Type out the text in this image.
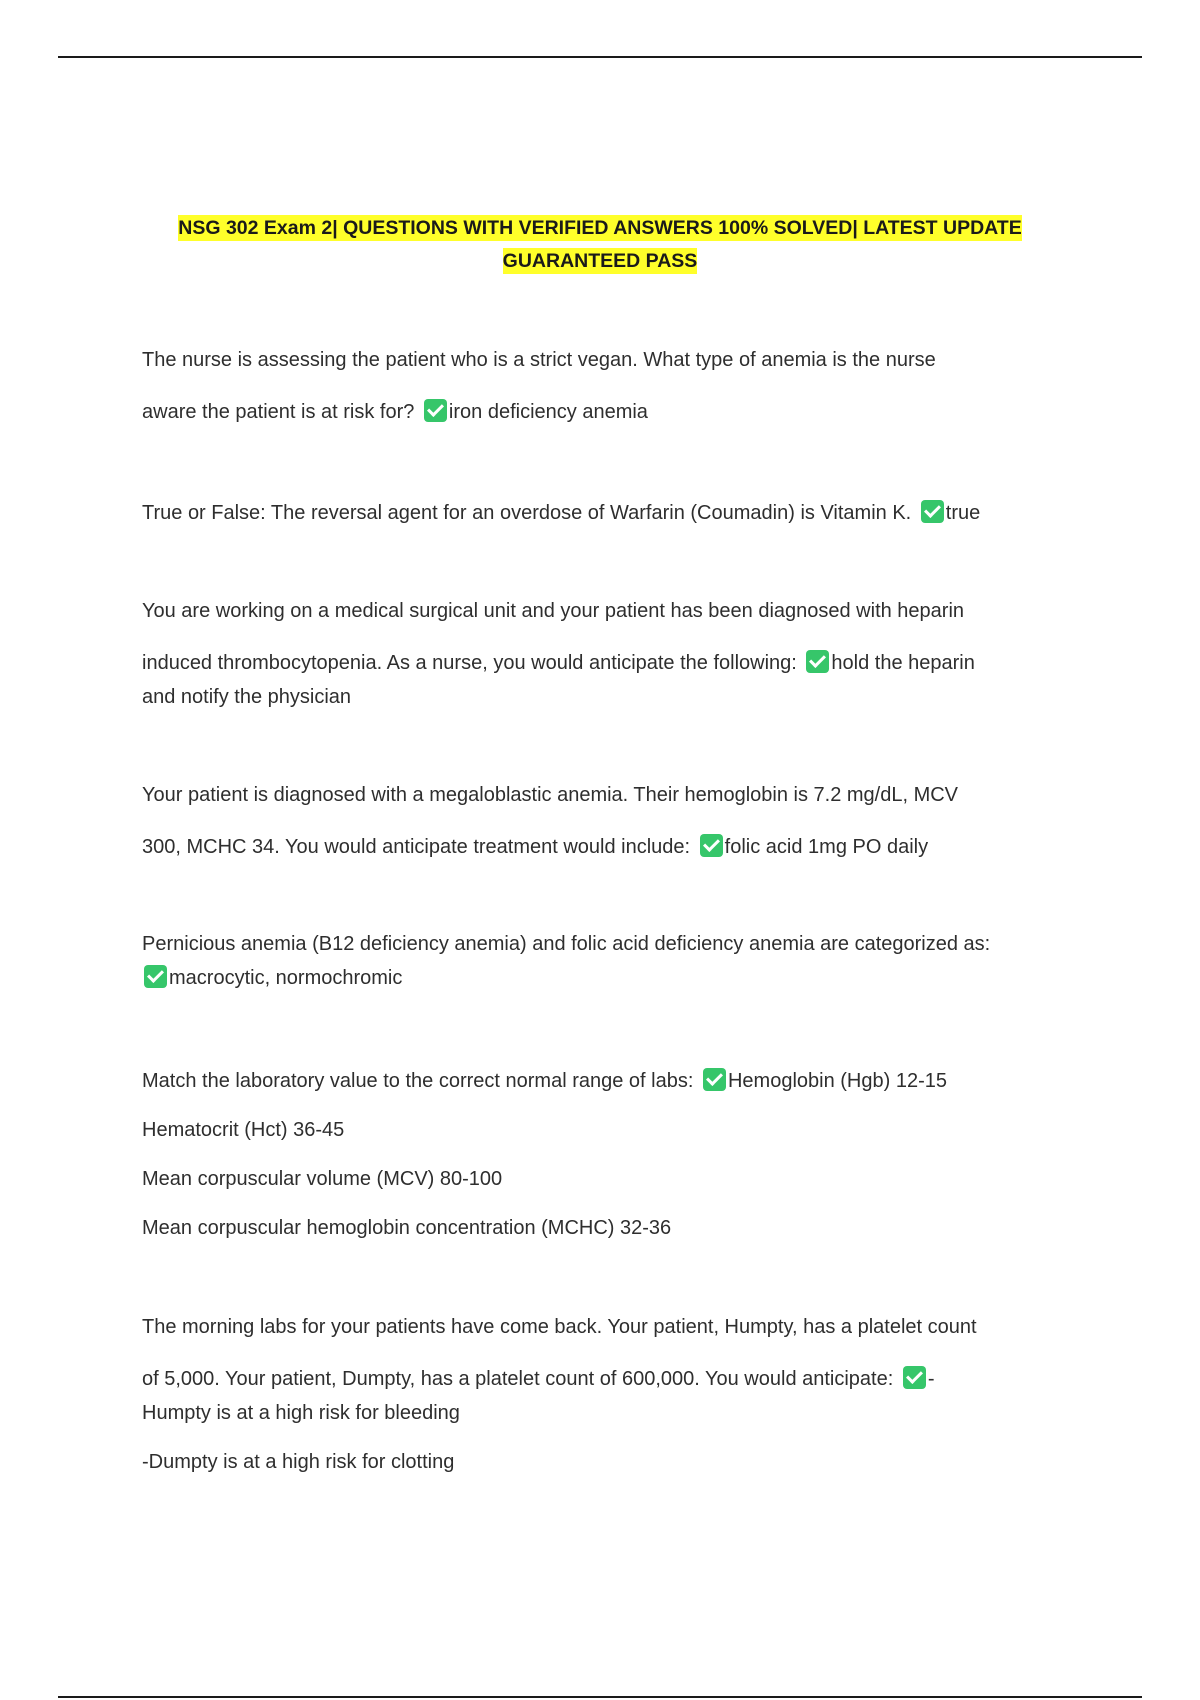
NSG 302 Exam 2| QUESTIONS WITH VERIFIED ANSWERS 100% SOLVED| LATEST UPDATE
GUARANTEED PASS
The nurse is assessing the patient who is a strict vegan. What type of anemia is the nurse
aware the patient is at risk for? iron deficiency anemia
True or False: The reversal agent for an overdose of Warfarin (Coumadin) is Vitamin K. true
You are working on a medical surgical unit and your patient has been diagnosed with heparin
induced thrombocytopenia. As a nurse, you would anticipate the following: hold the heparin
and notify the physician
Your patient is diagnosed with a megaloblastic anemia. Their hemoglobin is 7.2 mg/dL, MCV
300, MCHC 34. You would anticipate treatment would include: folic acid 1mg PO daily
Pernicious anemia (B12 deficiency anemia) and folic acid deficiency anemia are categorized as:
macrocytic, normochromic
Match the laboratory value to the correct normal range of labs: Hemoglobin (Hgb) 12-15
Hematocrit (Hct) 36-45
Mean corpuscular volume (MCV) 80-100
Mean corpuscular hemoglobin concentration (MCHC) 32-36
The morning labs for your patients have come back. Your patient, Humpty, has a platelet count
of 5,000. Your patient, Dumpty, has a platelet count of 600,000. You would anticipate: -
Humpty is at a high risk for bleeding
-Dumpty is at a high risk for clotting
